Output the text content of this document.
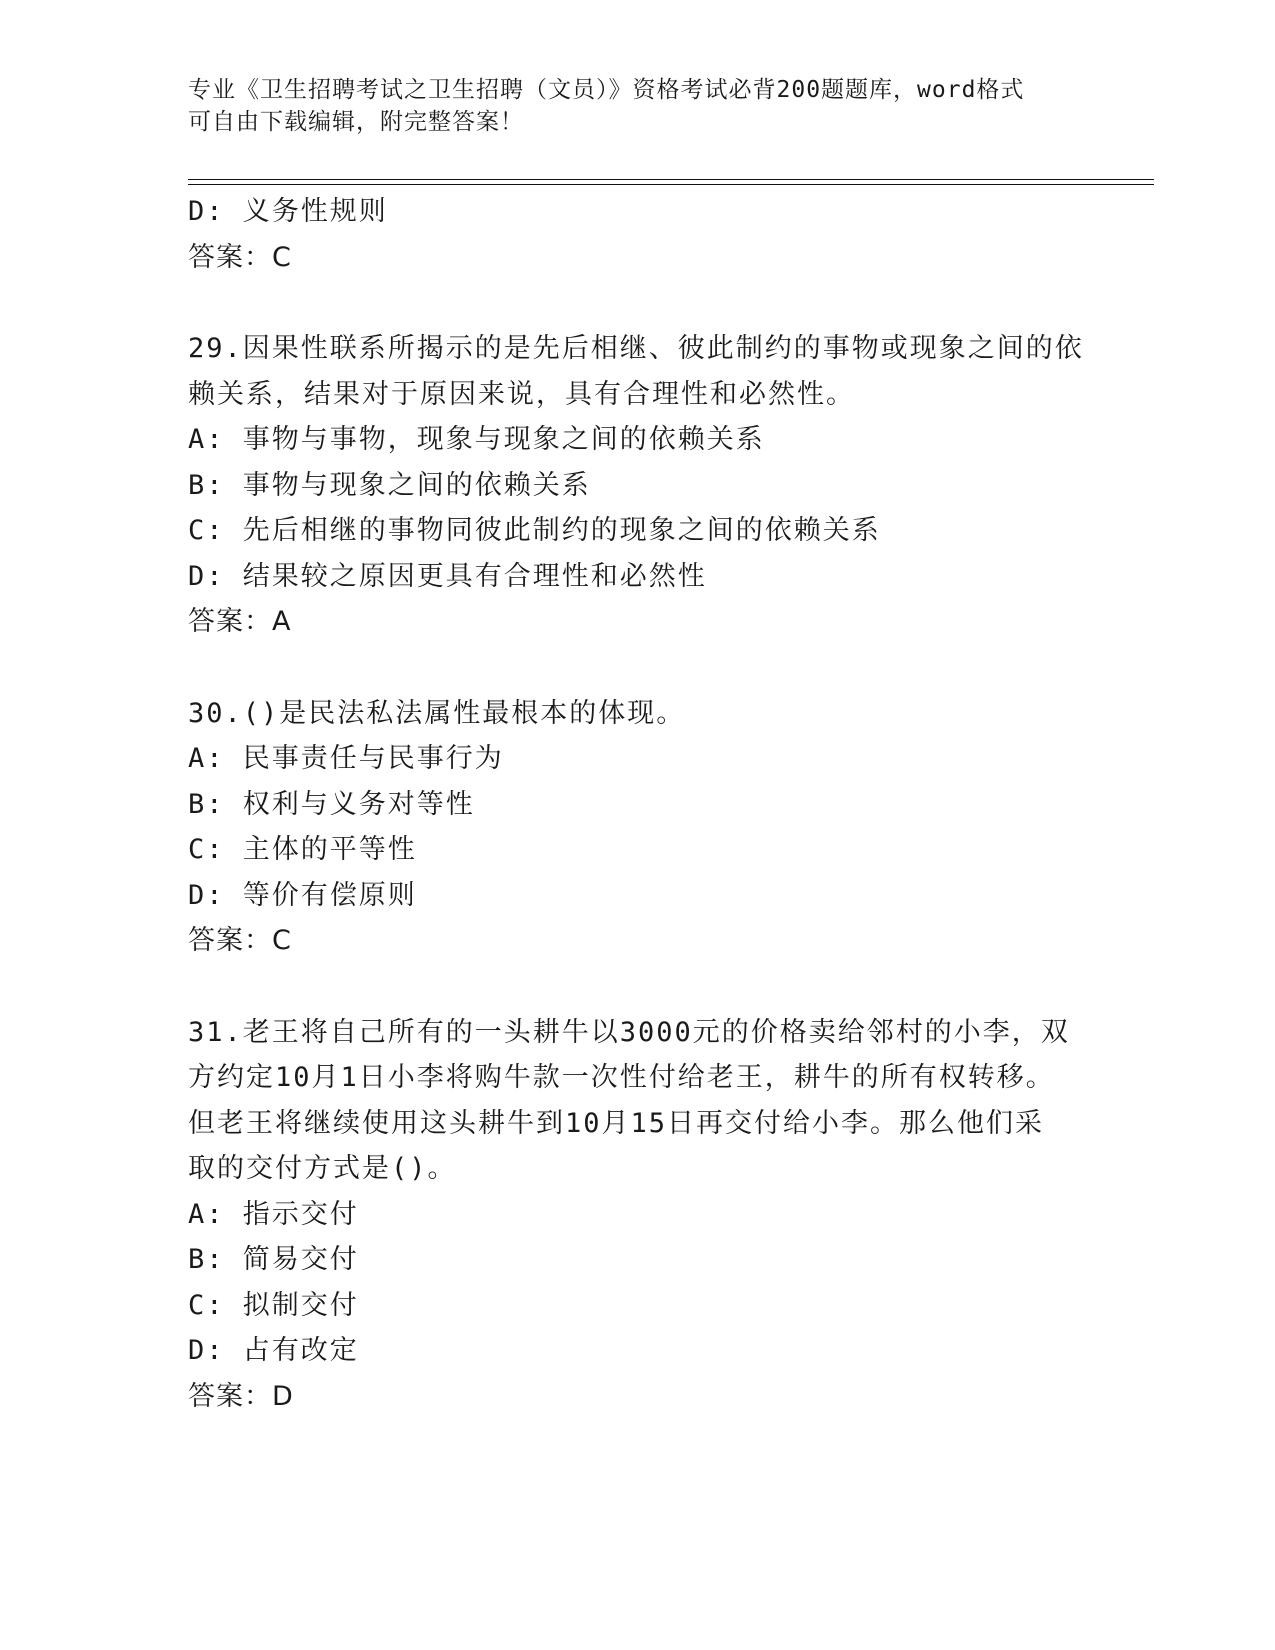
专业《卫生招聘考试之卫生招聘（文员）》资格考试必背200题题库，word格式
可自由下载编辑，附完整答案！
D: 义务性规则
答案：C
29.因果性联系所揭示的是先后相继、彼此制约的事物或现象之间的依
赖关系，结果对于原因来说，具有合理性和必然性。
A: 事物与事物，现象与现象之间的依赖关系
B: 事物与现象之间的依赖关系
C: 先后相继的事物同彼此制约的现象之间的依赖关系
D: 结果较之原因更具有合理性和必然性
答案：A
30.()是民法私法属性最根本的体现。
A: 民事责任与民事行为
B: 权利与义务对等性
C: 主体的平等性
D: 等价有偿原则
答案：C
31.老王将自己所有的一头耕牛以3000元的价格卖给邻村的小李，双
方约定10月1日小李将购牛款一次性付给老王，耕牛的所有权转移。
但老王将继续使用这头耕牛到10月15日再交付给小李。那么他们采
取的交付方式是()。
A: 指示交付
B: 简易交付
C: 拟制交付
D: 占有改定
答案：D
